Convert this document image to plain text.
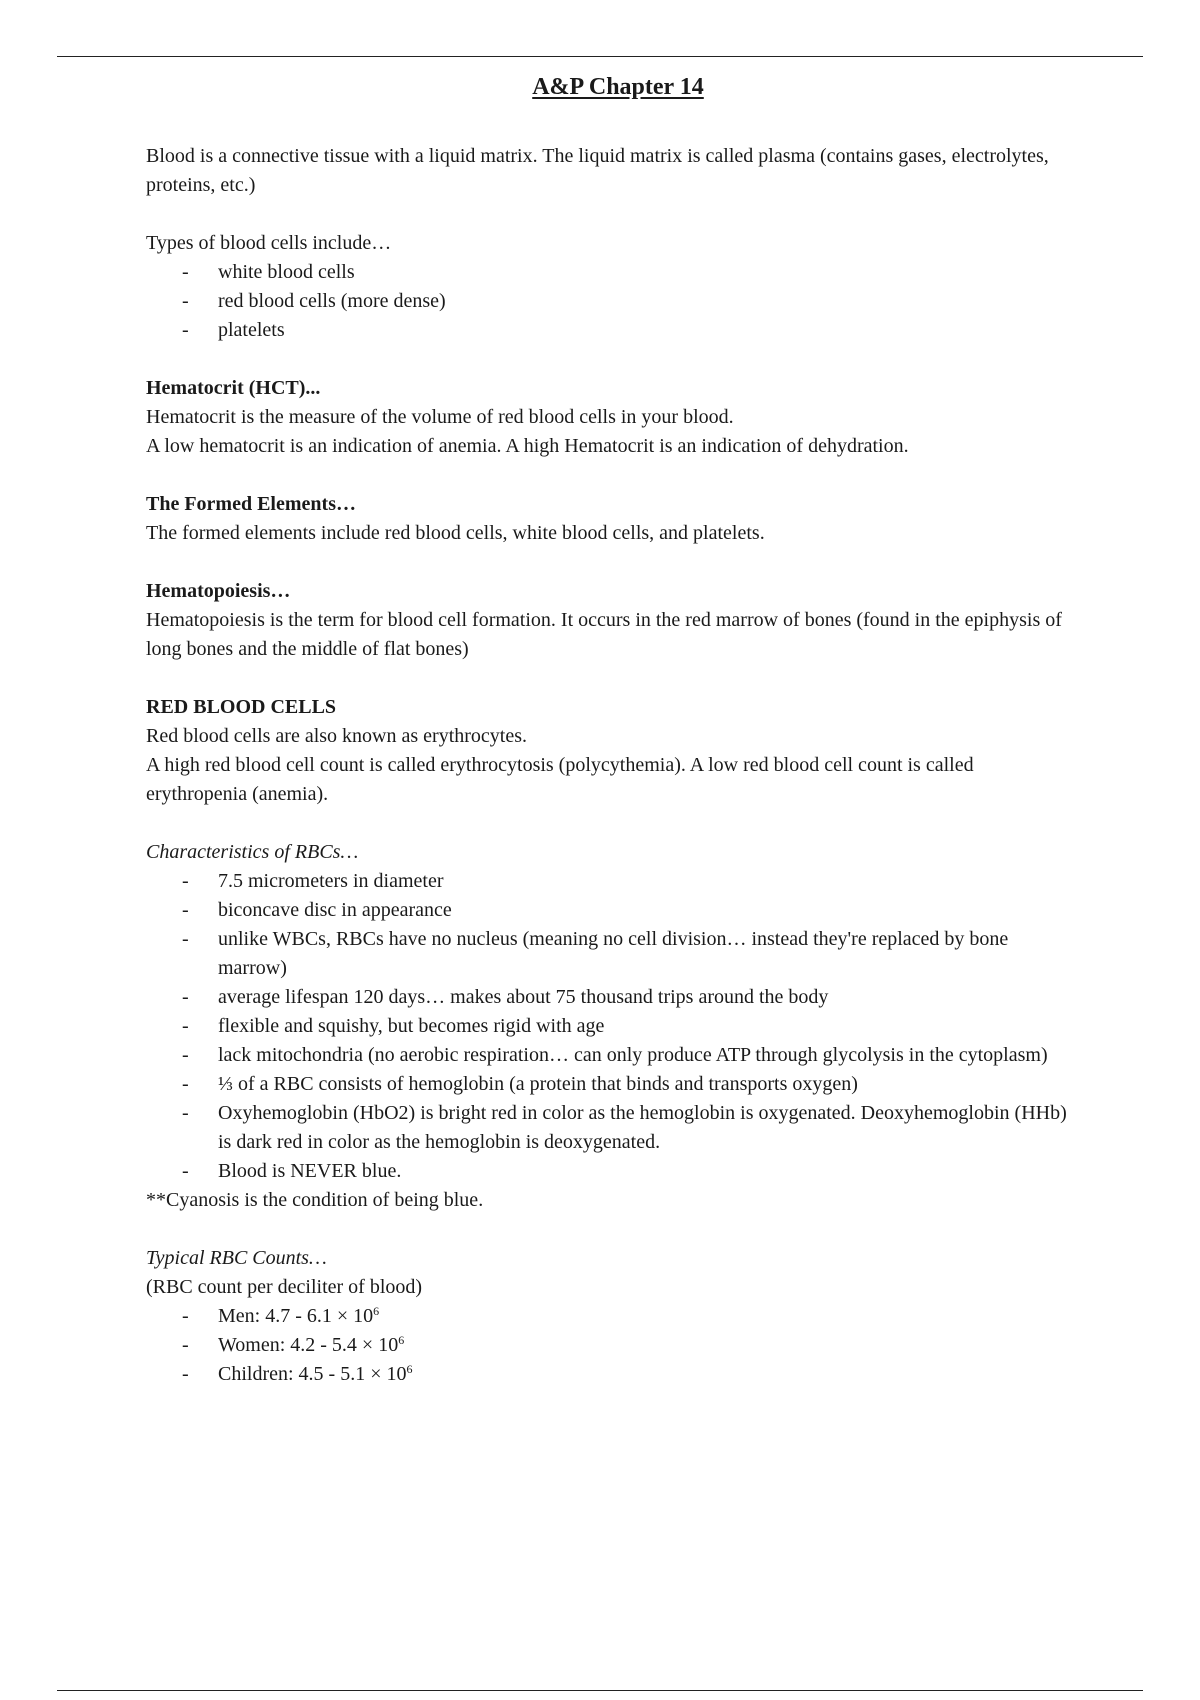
A&P Chapter 14

Blood is a connective tissue with a liquid matrix. The liquid matrix is called plasma (contains gases, electrolytes, proteins, etc.)

Types of blood cells include…

- white blood cells
- red blood cells (more dense)
- platelets

Hematocrit (HCT)...

Hematocrit is the measure of the volume of red blood cells in your blood.

A low hematocrit is an indication of anemia. A high Hematocrit is an indication of dehydration.

The Formed Elements…

The formed elements include red blood cells, white blood cells, and platelets.

Hematopoiesis…

Hematopoiesis is the term for blood cell formation. It occurs in the red marrow of bones (found in the epiphysis of long bones and the middle of flat bones)

RED BLOOD CELLS

Red blood cells are also known as erythrocytes.

A high red blood cell count is called erythrocytosis (polycythemia). A low red blood cell count is called erythropenia (anemia).

Characteristics of RBCs…

- 7.5 micrometers in diameter
- biconcave disc in appearance
- unlike WBCs, RBCs have no nucleus (meaning no cell division… instead they're replaced by bone marrow)
- average lifespan 120 days… makes about 75 thousand trips around the body
- flexible and squishy, but becomes rigid with age
- lack mitochondria (no aerobic respiration… can only produce ATP through glycolysis in the cytoplasm)
- ⅓ of a RBC consists of hemoglobin (a protein that binds and transports oxygen)
- Oxyhemoglobin (HbO2) is bright red in color as the hemoglobin is oxygenated. Deoxyhemoglobin (HHb) is dark red in color as the hemoglobin is deoxygenated.
- Blood is NEVER blue.

**Cyanosis is the condition of being blue.

Typical RBC Counts…

(RBC count per deciliter of blood)

- Men: $4.7 - 6.1 \times 10^6$
- Women: $4.2 - 5.4 \times 10^6$
- Children: $4.5 - 5.1 \times 10^6$
